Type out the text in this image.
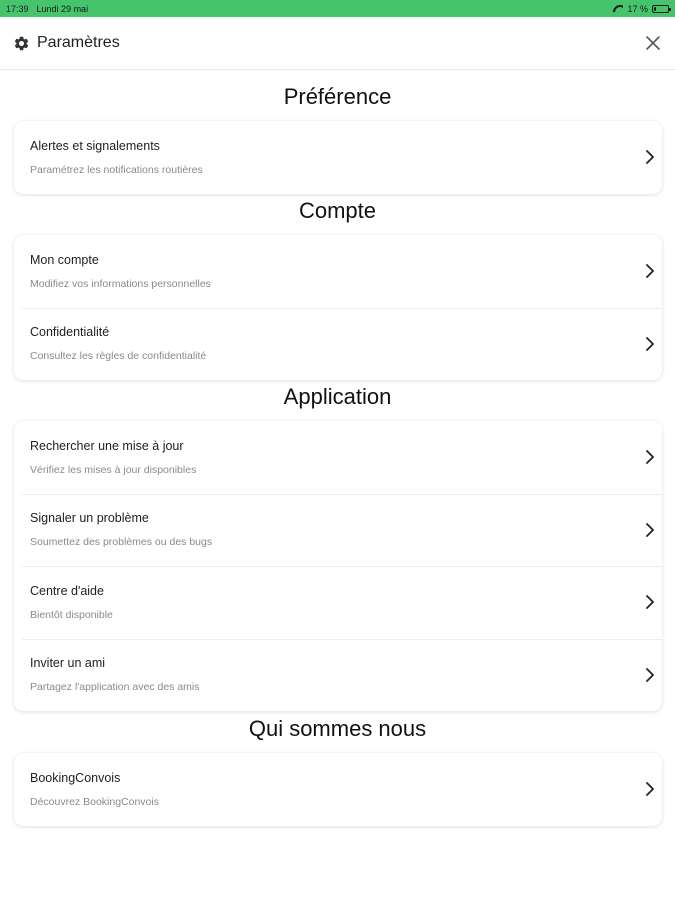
17:39 Lundi 29 mai	17 %
Paramètres
Préférence
Alertes et signalements
Paramétrez les notifications routières
Compte
Mon compte
Modifiez vos informations personnelles
Confidentialité
Consultez les règles de confidentialité
Application
Rechercher une mise à jour
Vérifiez les mises à jour disponibles
Signaler un problème
Soumettez des problèmes ou des bugs
Centre d'aide
Bientôt disponible
Inviter un ami
Partagez l'application avec des amis
Qui sommes nous
BookingConvois
Découvrez BookingConvois
